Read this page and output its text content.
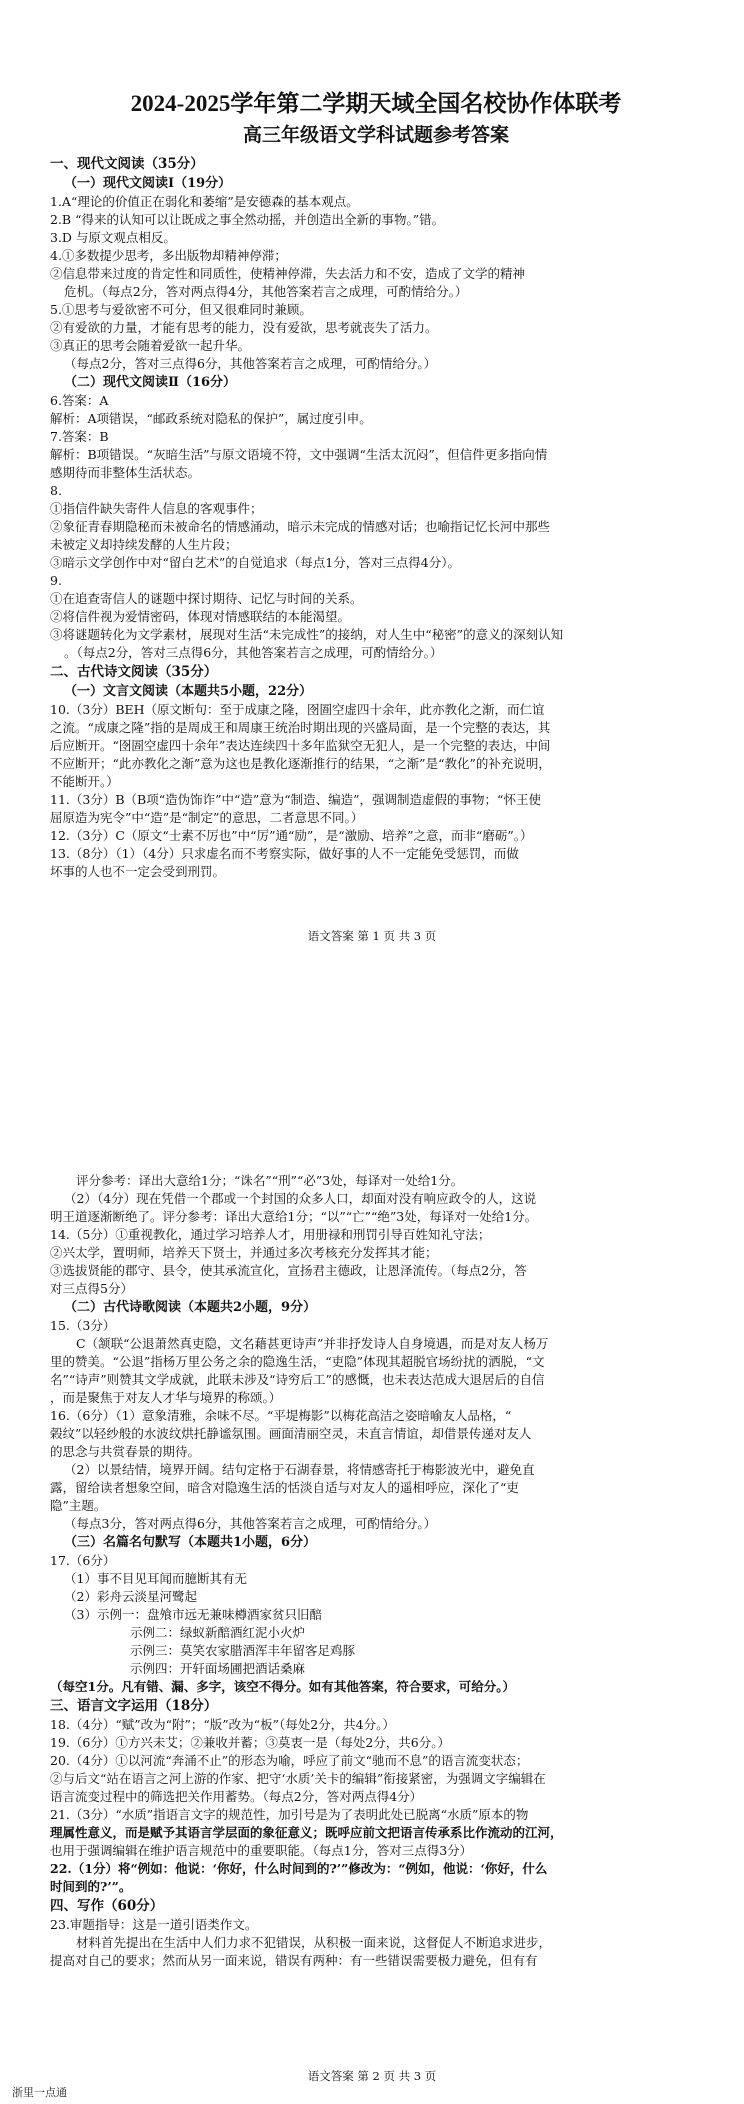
2024-2025学年第二学期天域全国名校协作体联考
高三年级语文学科试题参考答案

一、现代文阅读（35分）

（一）现代文阅读Ⅰ（19分）

1.A“理论的价值正在弱化和萎缩”是安德森的基本观点。

2.B “得来的认知可以让既成之事全然动摇，并创造出全新的事物。”错。

3.D 与原文观点相反。

4.①多数提少思考，多出版物却精神停滞；

②信息带来过度的肯定性和同质性，使精神停滞，失去活力和不安，造成了文学的精神

危机。（每点2分，答对两点得4分，其他答案若言之成理，可酌情给分。）

5.①思考与爱欲密不可分，但又很难同时兼顾。

②有爱欲的力量，才能有思考的能力，没有爱欲，思考就丧失了活力。

③真正的思考会随着爱欲一起升华。

（每点2分，答对三点得6分，其他答案若言之成理，可酌情给分。）

（二）现代文阅读Ⅱ（16分）

6.答案：A

解析：A项错误，“邮政系统对隐私的保护”，属过度引申。

7.答案：B

解析：B项错误。“灰暗生活”与原文语境不符，文中强调“生活太沉闷”，但信件更多指向情

感期待而非整体生活状态。

8.

①指信件缺失寄件人信息的客观事件；

②象征青春期隐秘而未被命名的情感涌动，暗示未完成的情感对话；也喻指记忆长河中那些

未被定义却持续发酵的人生片段；

③暗示文学创作中对“留白艺术”的自觉追求（每点1分，答对三点得4分）。

9.

①在追查寄信人的谜题中探讨期待、记忆与时间的关系。

②将信件视为爱情密码，体现对情感联结的本能渴望。

③将谜题转化为文学素材，展现对生活“未完成性”的接纳，对人生中“秘密”的意义的深刻认知

。（每点2分，答对三点得6分，其他答案若言之成理，可酌情给分。）

二、古代诗文阅读（35分）

（一）文言文阅读（本题共5小题，22分）

10.（3分）BEH（原文断句：至于成康之隆，囹圄空虚四十余年，此亦教化之渐，而仁谊

之流。“成康之隆”指的是周成王和周康王统治时期出现的兴盛局面，是一个完整的表达，其

后应断开。“囹圄空虚四十余年”表达连续四十多年监狱空无犯人，是一个完整的表达，中间

不应断开；“此亦教化之渐”意为这也是教化逐渐推行的结果，“之渐”是“教化”的补充说明，

不能断开。）

11.（3分）B（B项“造伪饰诈”中“造”意为“制造、编造”，强调制造虚假的事物；“怀王使

屈原造为宪令”中“造”是“制定”的意思，二者意思不同。）

12.（3分）C（原文“士素不厉也”中“厉”通“励”，是“激励、培养”之意，而非“磨砺”。）

13.（8分）（1）（4分）只求虚名而不考察实际，做好事的人不一定能免受惩罚，而做

坏事的人也不一定会受到刑罚。

语文答案 第 1 页 共 3 页

评分参考：译出大意给1分；“诛名”“刑”“必”3处，每译对一处给1分。

（2）（4分）现在凭借一个郡或一个封国的众多人口，却面对没有响应政令的人，这说

明王道逐渐断绝了。评分参考：译出大意给1分；“以”“亡”“绝”3处，每译对一处给1分。

14.（5分）①重视教化，通过学习培养人才，用册禄和刑罚引导百姓知礼守法；

②兴太学，置明师，培养天下贤士，并通过多次考核充分发挥其才能；

③选拔贤能的郡守、县令，使其承流宣化，宣扬君主德政，让恩泽流传。（每点2分，答

对三点得5分）

（二）古代诗歌阅读（本题共2小题，9分）

15.（3分）

C（颔联“公退萧然真吏隐，文名藉甚更诗声”并非抒发诗人自身境遇，而是对友人杨万

里的赞美。“公退”指杨万里公务之余的隐逸生活，“吏隐”体现其超脱官场纷扰的洒脱，“文

名”“诗声”则赞其文学成就，此联未涉及“诗穷后工”的感慨，也未表达范成大退居后的自信

，而是聚焦于对友人才华与境界的称颂。）

16.（6分）（1）意象清雅，余味不尽。“平堤梅影”以梅花高洁之姿暗喻友人品格，“

榖纹”以轻纱般的水波纹烘托静谧氛围。画面清丽空灵，未直言情谊，却借景传递对友人

的思念与共赏春景的期待。

（2）以景结情，境界开阔。结句定格于石湖春景，将情感寄托于梅影波光中，避免直

露，留给读者想象空间，暗含对隐逸生活的恬淡自适与对友人的遥相呼应，深化了“吏

隐”主题。

（每点3分，答对两点得6分，其他答案若言之成理，可酌情给分。）

（三）名篇名句默写（本题共1小题，6分）

17.（6分）

（1）事不目见耳闻而臆断其有无

（2）彩舟云淡星河鹭起

（3）示例一：盘飧市远无兼味樽酒家贫只旧醅

示例二：绿蚁新醅酒红泥小火炉

示例三：莫笑农家腊酒浑丰年留客足鸡豚

示例四：开轩面场圃把酒话桑麻

（每空1分。凡有错、漏、多字，该空不得分。如有其他答案，符合要求，可给分。）

三、语言文字运用（18分）

18.（4分）“赋”改为“附”；“版”改为“板”（每处2分，共4分。）

19.（6分）①方兴未艾；②兼收并蓄；③莫衷一是（每处2分，共6分。）

20.（4分）①以河流“奔涌不止”的形态为喻，呼应了前文“驰而不息”的语言流变状态；

②与后文“站在语言之河上游的作家、把守‘水质’关卡的编辑”衔接紧密，为强调文字编辑在

语言流变过程中的筛选把关作用蓄势。（每点2分，答对两点得4分）

21.（3分）“水质”指语言文字的规范性，加引号是为了表明此处已脱离“水质”原本的物

理属性意义，而是赋予其语言学层面的象征意义；既呼应前文把语言传承系比作流动的江河，

也用于强调编辑在维护语言规范中的重要职能。（每点1分，答对三点得3分）

22.（1分）将“例如：他说：‘你好，什么时间到的?’”修改为：“例如，他说：‘你好，什么

时间到的?’”。

四、写作（60分）

23.审题指导：这是一道引语类作文。

材料首先提出在生活中人们力求不犯错误，从积极一面来说，这督促人不断追求进步，

提高对自己的要求；然而从另一面来说，错误有两种：有一些错误需要极力避免，但有有

语文答案 第 2 页 共 3 页
浙里一点通
